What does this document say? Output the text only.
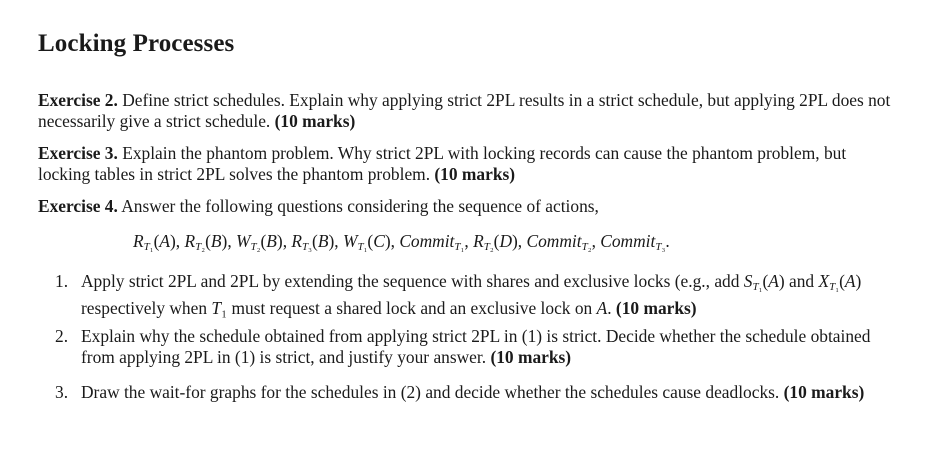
Locking Processes

Exercise 2. Define strict schedules. Explain why applying strict 2PL results in a strict schedule, but applying 2PL does not necessarily give a strict schedule. (10 marks)

Exercise 3. Explain the phantom problem. Why strict 2PL with locking records can cause the phantom problem, but locking tables in strict 2PL solves the phantom problem. (10 marks)

Exercise 4. Answer the following questions considering the sequence of actions,

$R_{T_1}(A)$, $R_{T_2}(B)$, $W_{T_2}(B)$, $R_{T_3}(B)$, $W_{T_1}(C)$, Commit$_{T_1}$, $R_{T_2}(D)$, Commit$_{T_2}$, Commit$_{T_3}$.
1. Apply strict 2PL and 2PL by extending the sequence with shares and exclusive locks (e.g., add $S_{T_1}(A)$ and $X_{T_1}(A)$ respectively when T₁ must request a shared lock and an exclusive lock on A. (10 marks)
2. Explain why the schedule obtained from applying strict 2PL in (1) is strict. Decide whether the schedule obtained from applying 2PL in (1) is strict, and justify your answer. (10 marks)
3. Draw the wait-for graphs for the schedules in (2) and decide whether the schedules cause deadlocks. (10 marks)
